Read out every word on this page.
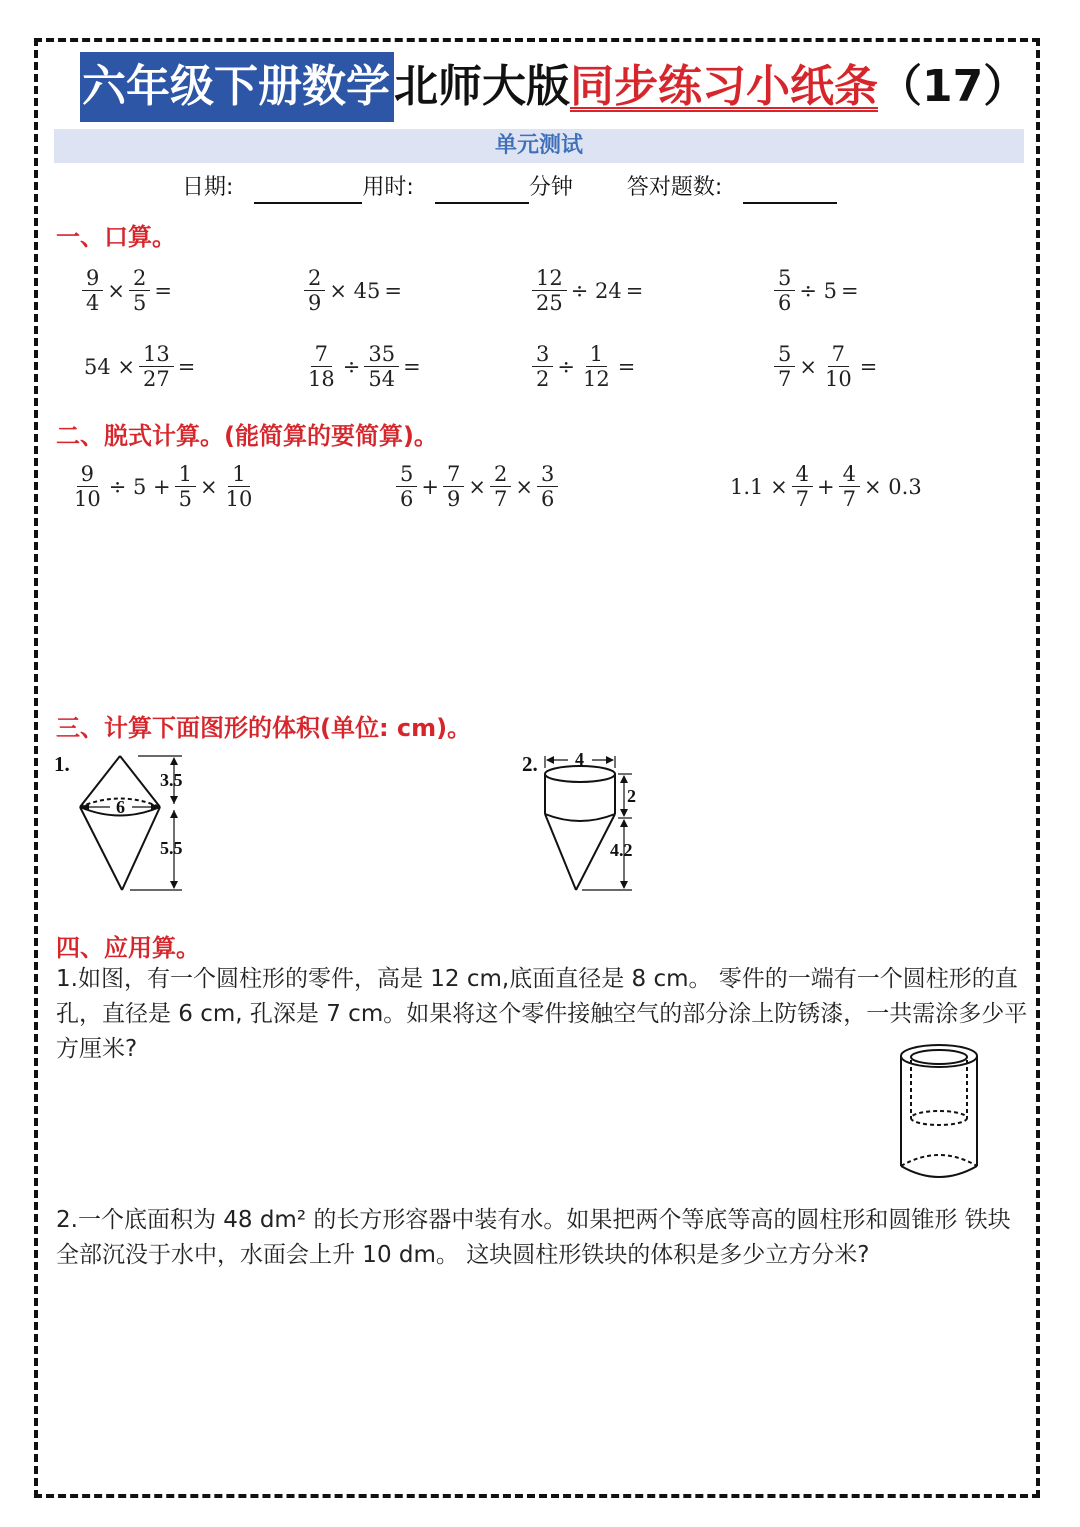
六年级下册数学北师大版同步练习小纸条（17）
单元测试
日期:	用时:	分钟 答对题数:
一、口算。
$\frac{9}{4} \times \frac{2}{5}$ =	$\frac{2}{9} \times 45$ =	$\frac{12}{25} \div 24$ =	$\frac{5}{6} \div 5$ =
$54 \times \frac{13}{27}$ =	$\frac{7}{18} \div \frac{35}{54}$ =	$\frac{3}{2} \div \frac{1}{12}$ =	$\frac{5}{7} \times \frac{7}{10}$ =
二、脱式计算。(能简算的要简算)。
$\frac{9}{10} \div 5 + \frac{1}{5} \times \frac{1}{10}$	$\frac{5}{6} + \frac{7}{9} \times \frac{2}{7} \times \frac{3}{6}$	$1.1 \times \frac{4}{7} + \frac{4}{7} \times 0.3$
三、计算下面图形的体积(单位: cm)。
1.
6
3.5
5.5
2. 4
2
4.2
四、应用算。
1.如图，有一个圆柱形的零件，高是 12 cm,底面直径是 8 cm。 零件的一端有一个圆柱形的直孔，直径是 6 cm, 孔深是 7 cm。如果将这个零件接触空气的部分涂上防锈漆，一共需涂多少平方厘米?
2.一个底面积为 48 dm² 的长方形容器中装有水。如果把两个等底等高的圆柱形和圆锥形 铁块全部沉没于水中，水面会上升 10 dm。 这块圆柱形铁块的体积是多少立方分米?
